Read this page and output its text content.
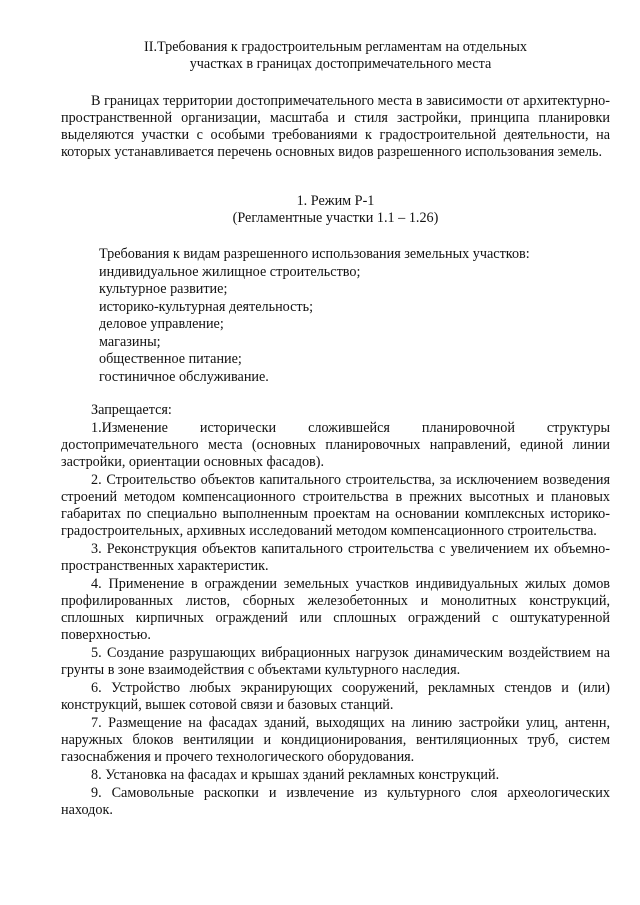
II.Требования к градостроительным регламентам на отдельных

участках в границах достопримечательного места
В границах территории достопримечательного места в зависимости от архитектурно-пространственной организации, масштаба и стиля застройки, принципа планировки выделяются участки с особыми требованиями к градостроительной деятельности, на которых устанавливается перечень основных видов разрешенного использования земель.
1. Режим Р-1
(Регламентные участки 1.1 – 1.26)
Требования к видам разрешенного использования земельных участков:
индивидуальное жилищное строительство;
культурное развитие;
историко-культурная деятельность;
деловое управление;
магазины;
общественное питание;
гостиничное обслуживание.
Запрещается:
1.Изменение исторически сложившейся планировочной структуры достопримечательного места (основных планировочных направлений, единой линии застройки, ориентации основных фасадов).
2. Строительство объектов капитального строительства, за исключением возведения строений методом компенсационного строительства в прежних высотных и плановых габаритах по специально выполненным проектам на основании комплексных историко-градостроительных, архивных исследований методом компенсационного строительства.
3. Реконструкция объектов капитального строительства с увеличением их объемно-пространственных характеристик.
4. Применение в ограждении земельных участков индивидуальных жилых домов профилированных листов, сборных железобетонных и монолитных конструкций, сплошных кирпичных ограждений или сплошных ограждений с оштукатуренной поверхностью.
5. Создание разрушающих вибрационных нагрузок динамическим воздействием на грунты в зоне взаимодействия с объектами культурного наследия.
6. Устройство любых экранирующих сооружений, рекламных стендов и (или) конструкций, вышек сотовой связи и базовых станций.
7. Размещение на фасадах зданий, выходящих на линию застройки улиц, антенн, наружных блоков вентиляции и кондиционирования, вентиляционных труб, систем газоснабжения и прочего технологического оборудования.
8. Установка на фасадах и крышах зданий рекламных конструкций.
9. Самовольные раскопки и извлечение из культурного слоя археологических находок.
